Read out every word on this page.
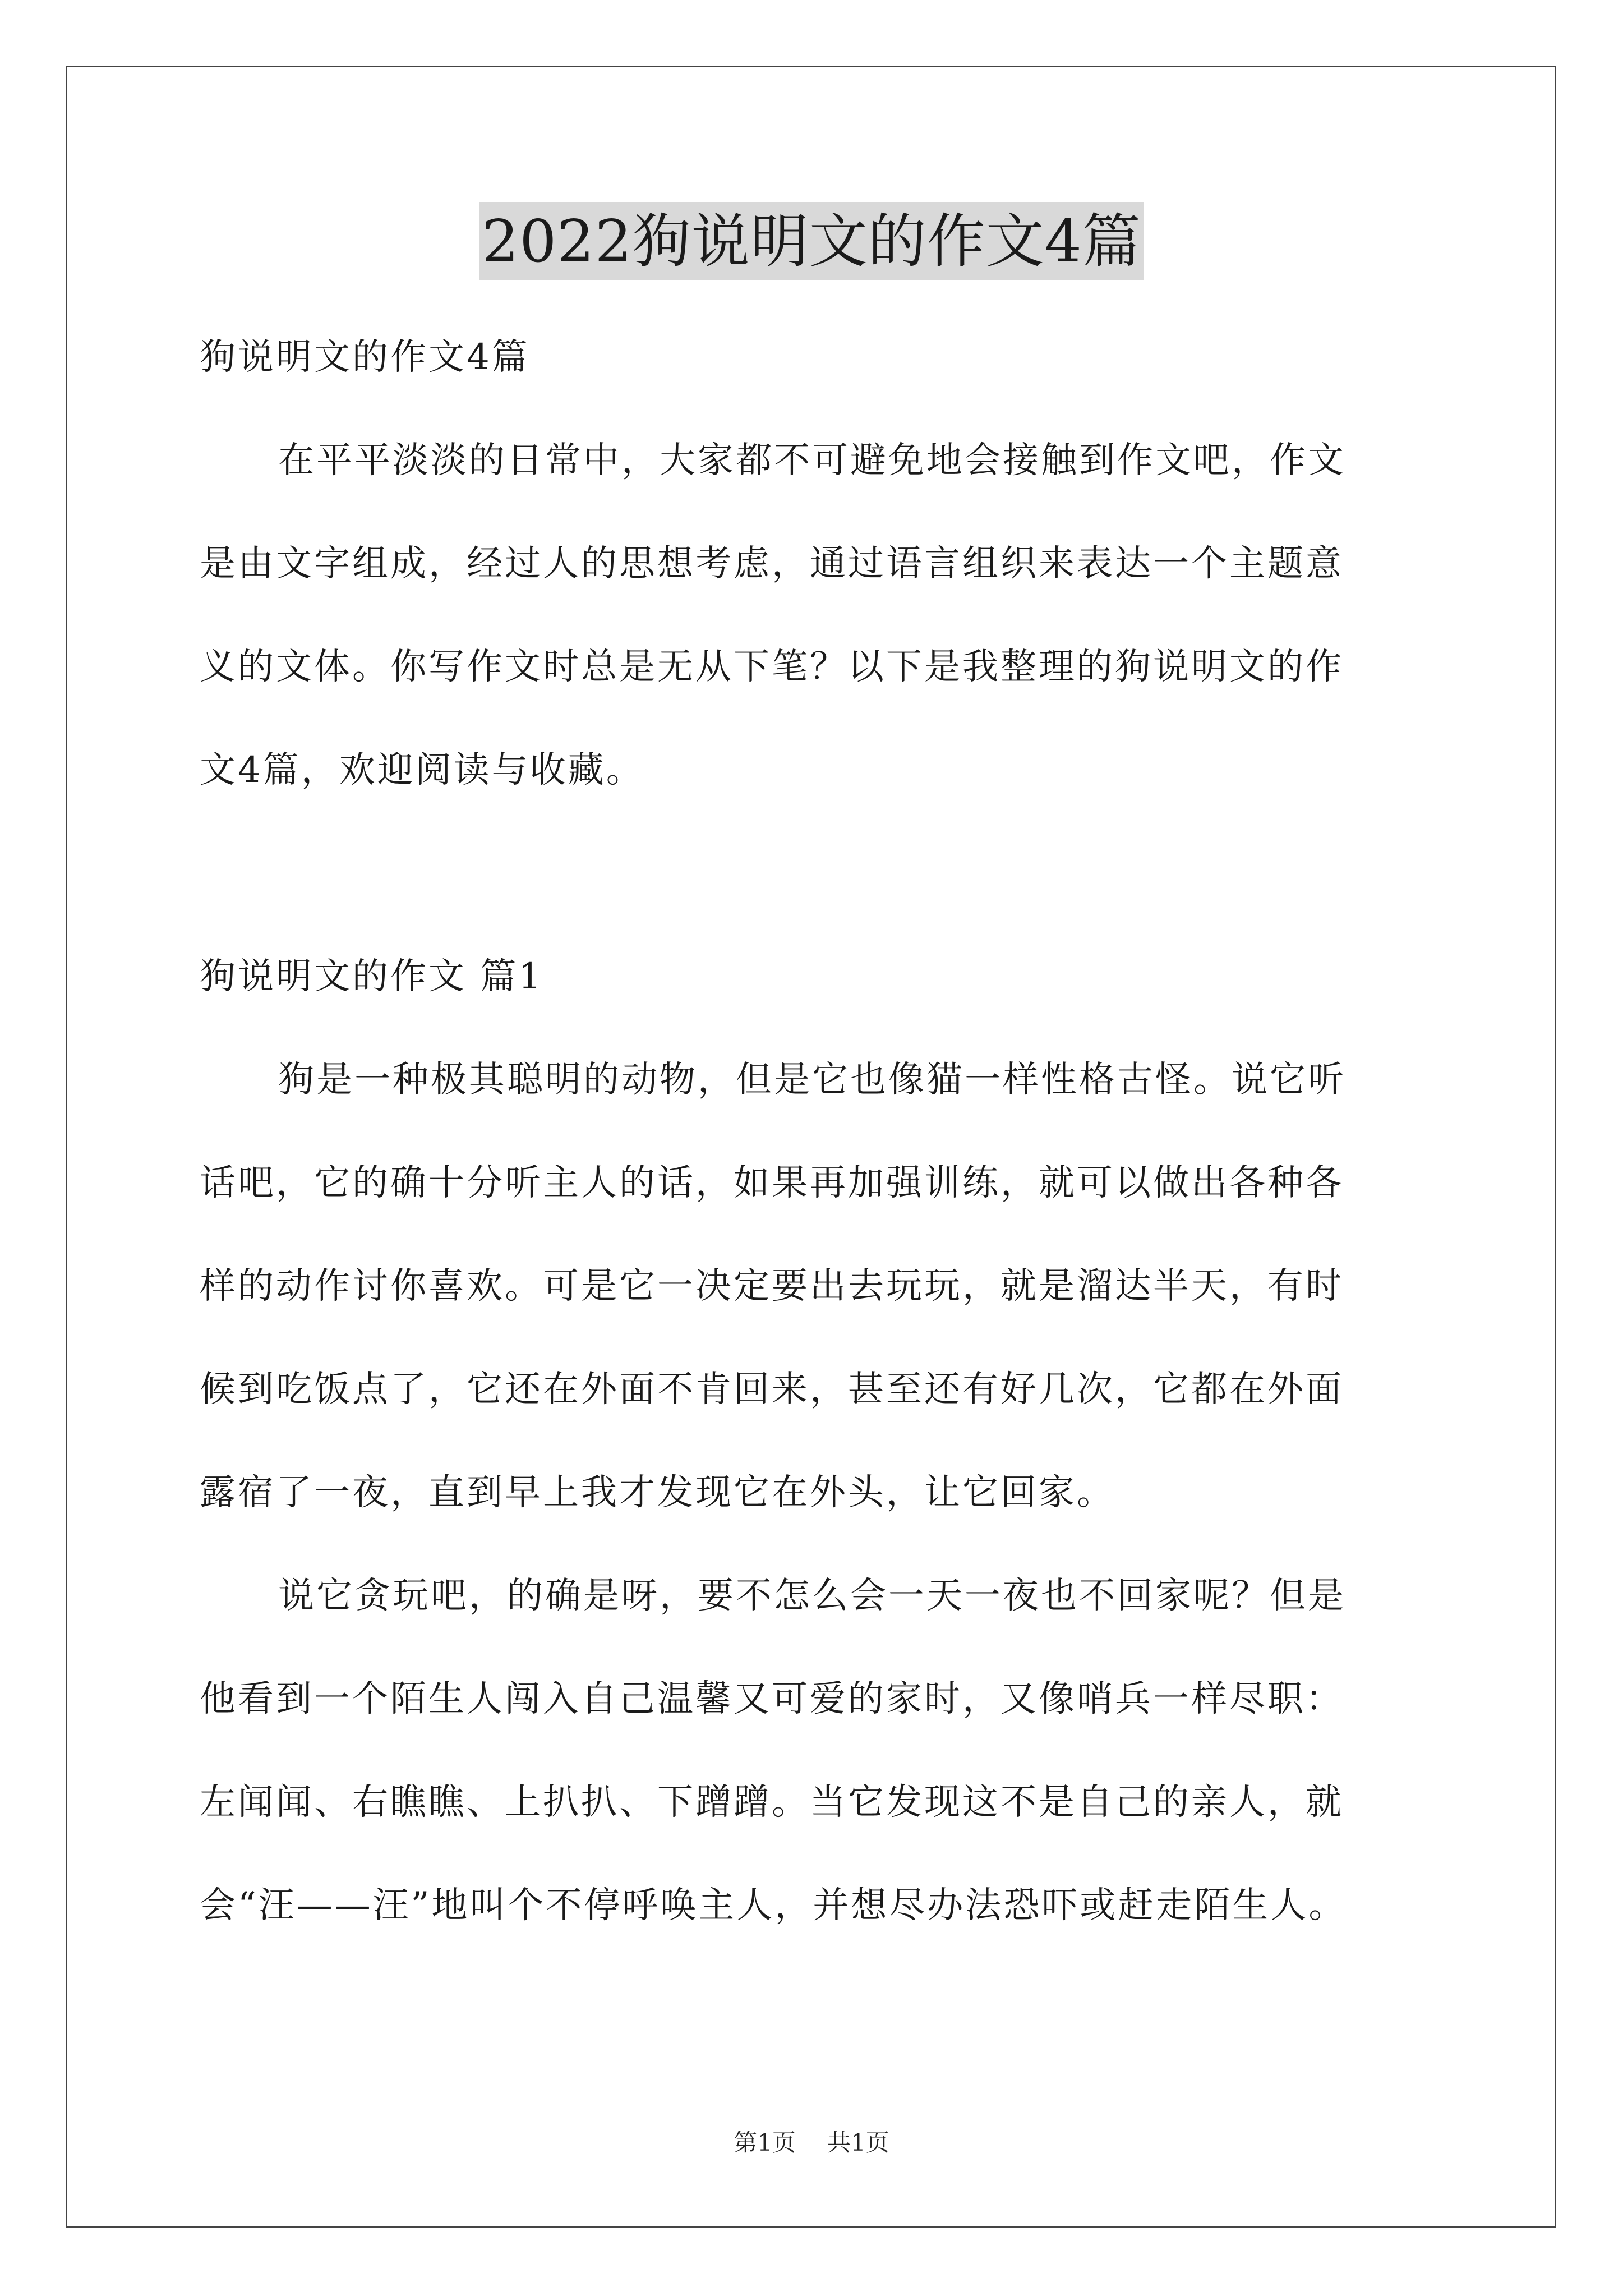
2022狗说明文的作文4篇

狗说明文的作文4篇

在平平淡淡的日常中，大家都不可避免地会接触到作文吧，作文

是由文字组成，经过人的思想考虑，通过语言组织来表达一个主题意

义的文体。你写作文时总是无从下笔？以下是我整理的狗说明文的作

文4篇，欢迎阅读与收藏。

狗说明文的作文 篇1

狗是一种极其聪明的动物，但是它也像猫一样性格古怪。说它听

话吧，它的确十分听主人的话，如果再加强训练，就可以做出各种各

样的动作讨你喜欢。可是它一决定要出去玩玩，就是溜达半天，有时

候到吃饭点了，它还在外面不肯回来，甚至还有好几次，它都在外面

露宿了一夜，直到早上我才发现它在外头，让它回家。

说它贪玩吧，的确是呀，要不怎么会一天一夜也不回家呢？但是

他看到一个陌生人闯入自己温馨又可爱的家时，又像哨兵一样尽职：

左闻闻、右瞧瞧、上扒扒、下蹭蹭。当它发现这不是自己的亲人，就

会“汪——汪”地叫个不停呼唤主人，并想尽办法恐吓或赶走陌生人。

第1页 共1页
